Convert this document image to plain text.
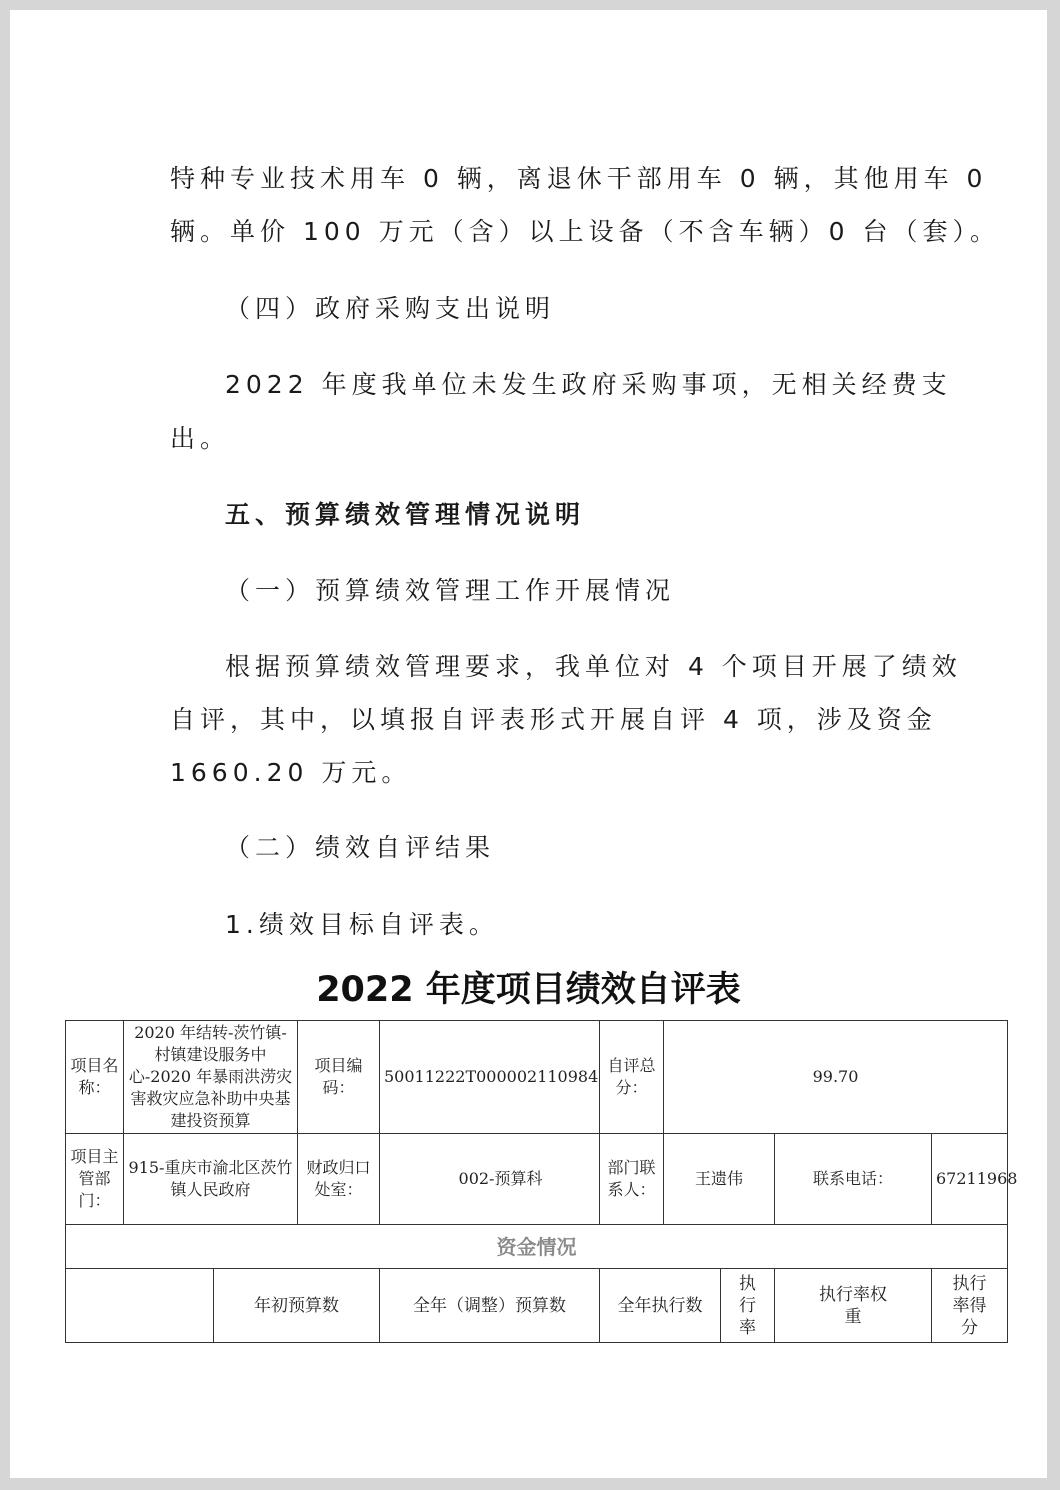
特种专业技术用车 0 辆，离退休干部用车 0 辆，其他用车 0

辆。单价 100 万元（含）以上设备（不含车辆）0 台（套）。

（四）政府采购支出说明

2022 年度我单位未发生政府采购事项，无相关经费支

出。

五、预算绩效管理情况说明

（一）预算绩效管理工作开展情况

根据预算绩效管理要求，我单位对 4 个项目开展了绩效

自评，其中，以填报自评表形式开展自评 4 项，涉及资金

1660.20 万元。

（二）绩效自评结果

1.绩效目标自评表。

2022 年度项目绩效自评表
项目名称：	2020 年结转-茨竹镇-村镇建设服务中心-2020 年暴雨洪涝灾害救灾应急补助中央基建投资预算		项目编码：	50011222T000002110984	自评总分：	99.70			
项目主管部门：	915-重庆市渝北区茨竹镇人民政府		财政归口处室：	002-预算科	部门联系人：	王遗伟		联系电话：	67211968
资金情况									
		年初预算数		全年（调整）预算数	全年执行数		执行率	执行率权重	执行率得分
